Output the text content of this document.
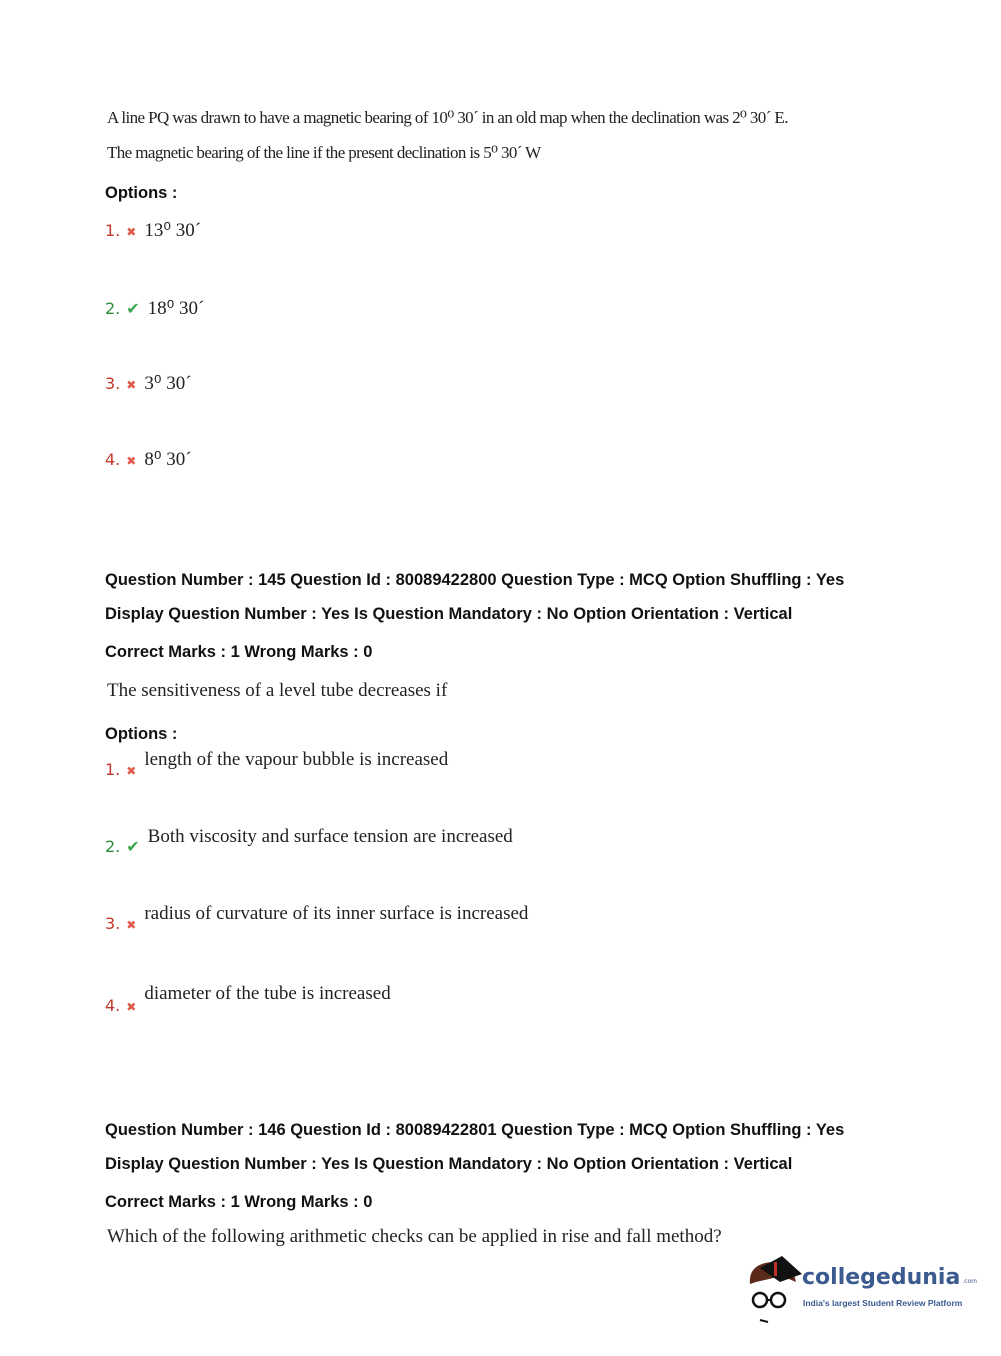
A line PQ was drawn to have a magnetic bearing of 10⁰ 30ˊ in an old map when the declination was 2⁰ 30ˊ E.
The magnetic bearing of the line if the present declination is 5⁰ 30ˊ W
Options :
1. ✖ 13⁰ 30ˊ
2. ✔ 18⁰ 30ˊ
3. ✖ 3⁰ 30ˊ
4. ✖ 8⁰ 30ˊ
Question Number : 145 Question Id : 80089422800 Question Type : MCQ Option Shuffling : Yes
Display Question Number : Yes Is Question Mandatory : No Option Orientation : Vertical
Correct Marks : 1 Wrong Marks : 0
The sensitiveness of a level tube decreases if
Options :
1. ✖length of the vapour bubble is increased
2. ✔ Both viscosity and surface tension are increased
3. ✖radius of curvature of its inner surface is increased
4. ✖diameter of the tube is increased
Question Number : 146 Question Id : 80089422801 Question Type : MCQ Option Shuffling : Yes
Display Question Number : Yes Is Question Mandatory : No Option Orientation : Vertical
Correct Marks : 1 Wrong Marks : 0
Which of the following arithmetic checks can be applied in rise and fall method?
collegedunia .com
India's largest Student Review Platform
